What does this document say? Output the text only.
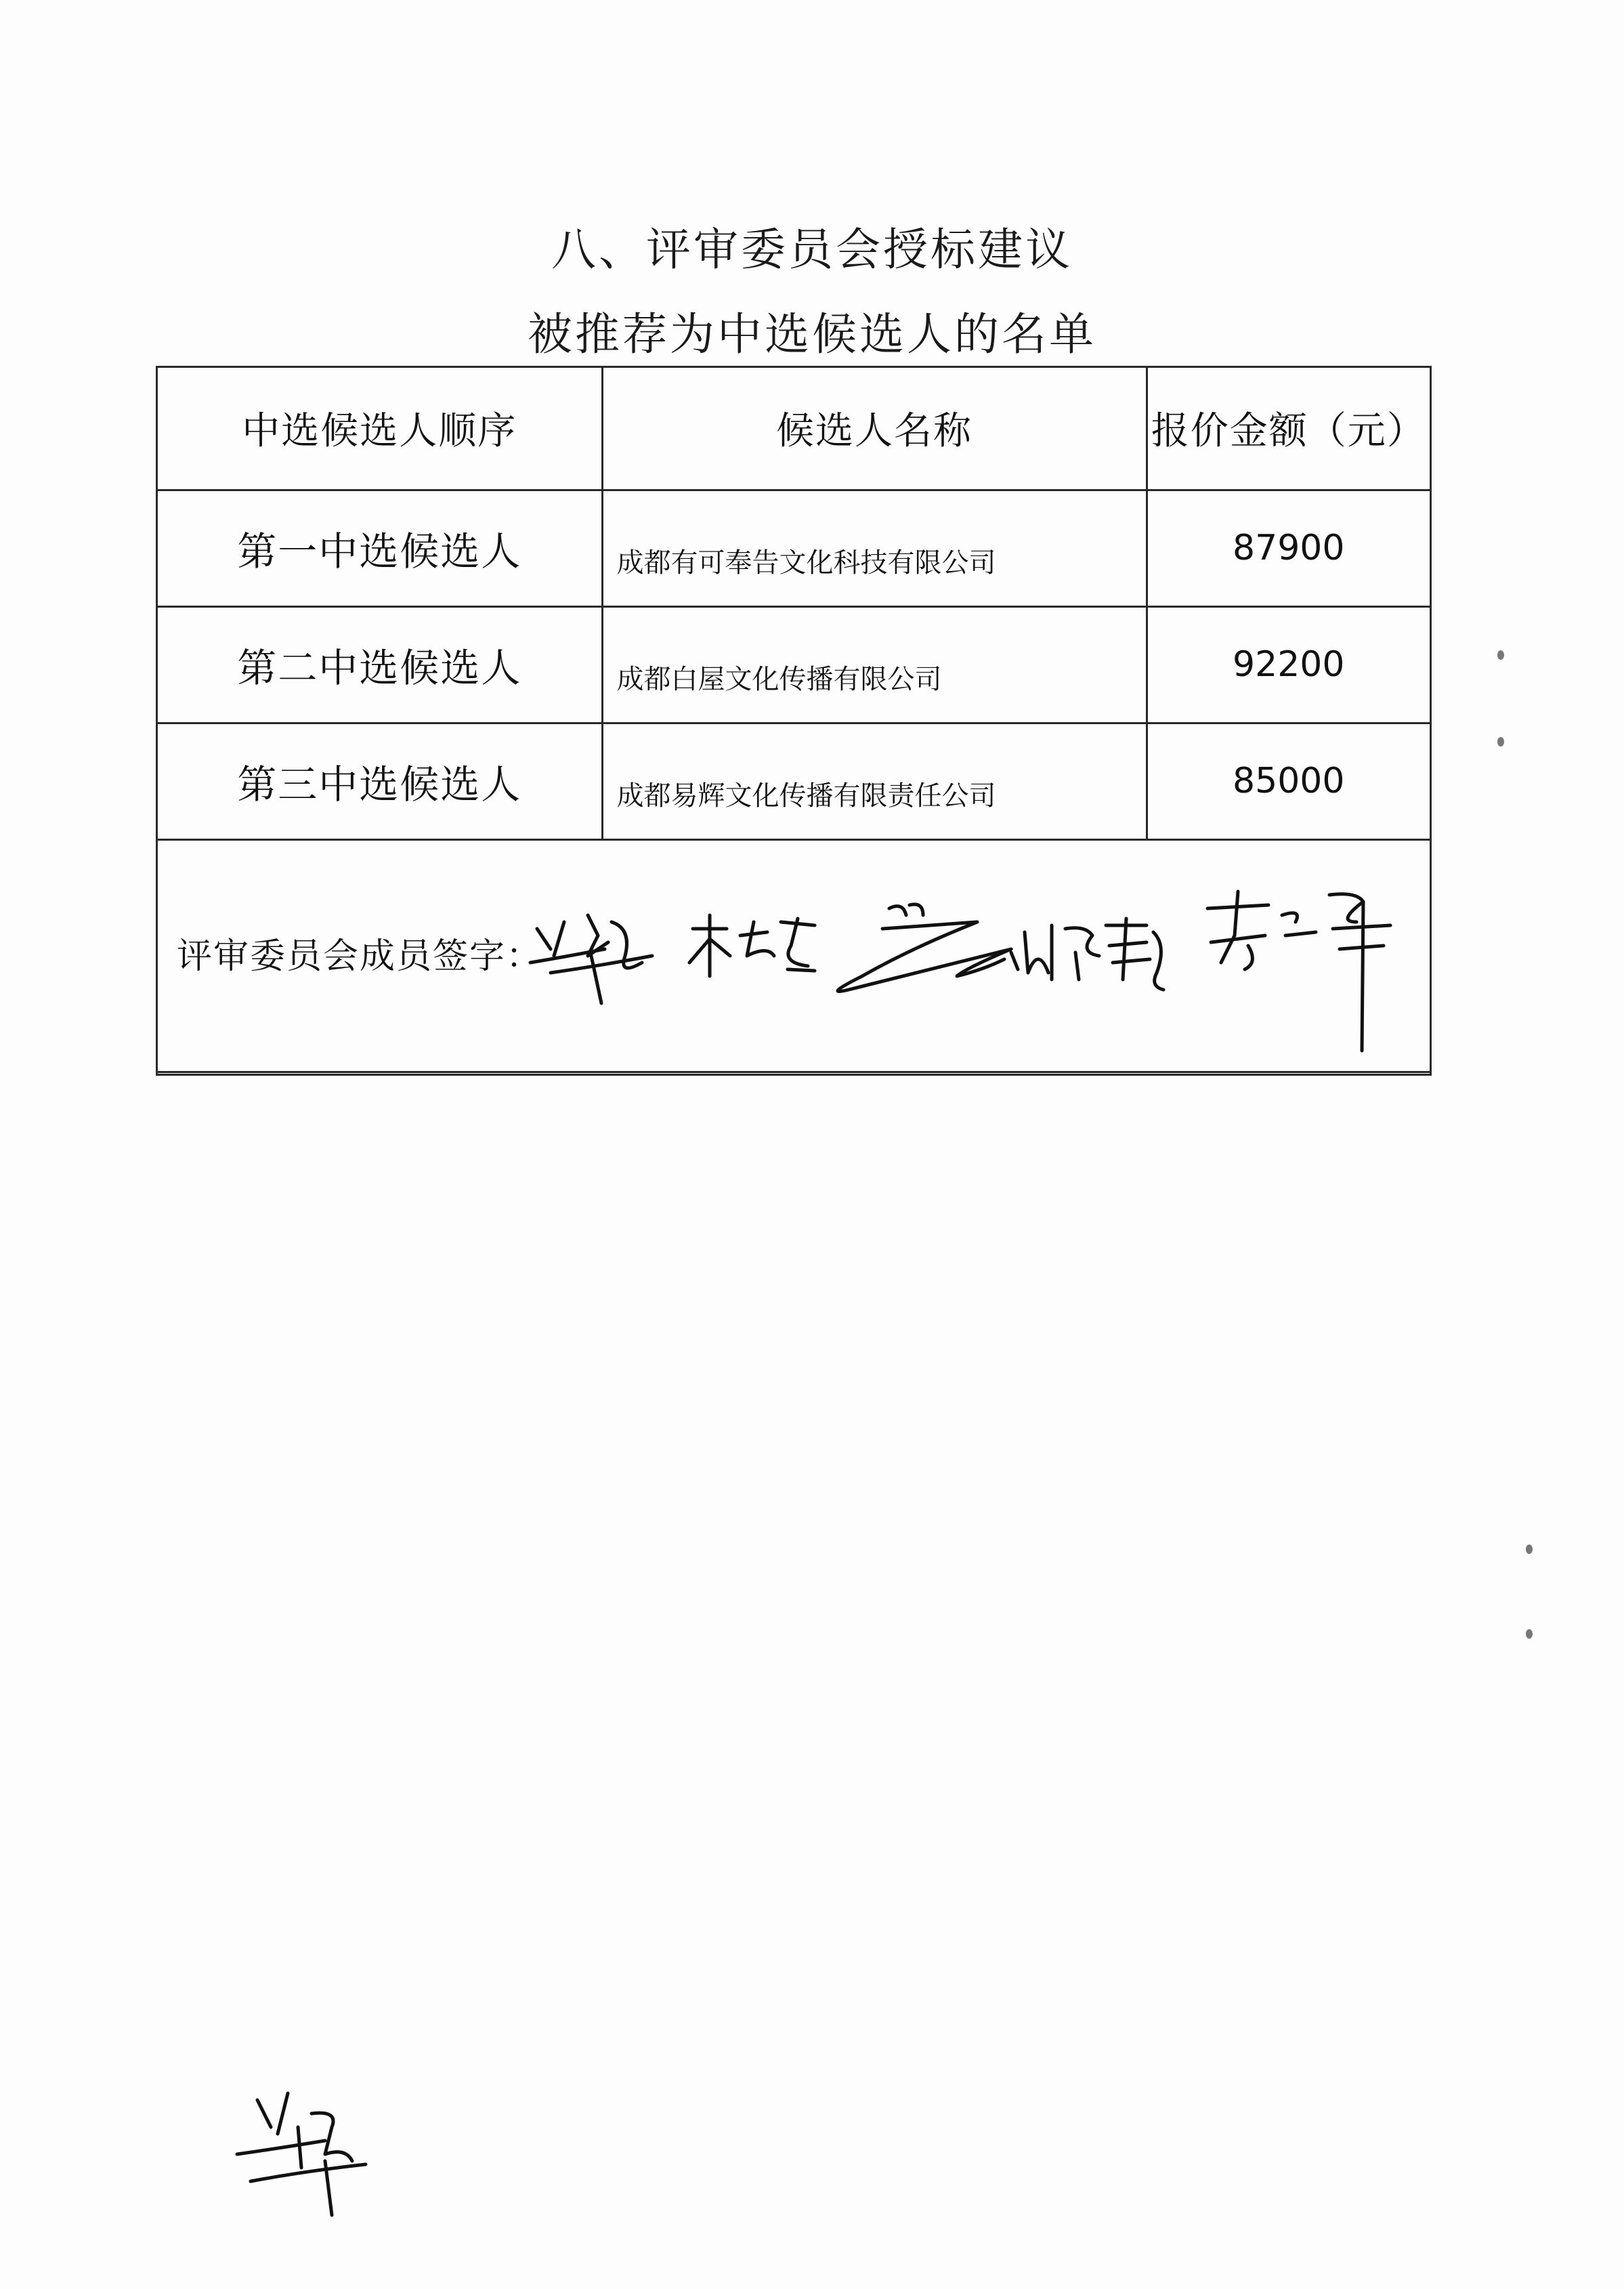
八、评审委员会授标建议
被推荐为中选候选人的名单
中选候选人顺序	候选人名称	报价金额（元）
第一中选候选人	成都有可奉告文化科技有限公司	87900
第二中选候选人	成都白屋文化传播有限公司	92200
第三中选候选人	成都易辉文化传播有限责任公司	85000

评审委员会成员签字：		
